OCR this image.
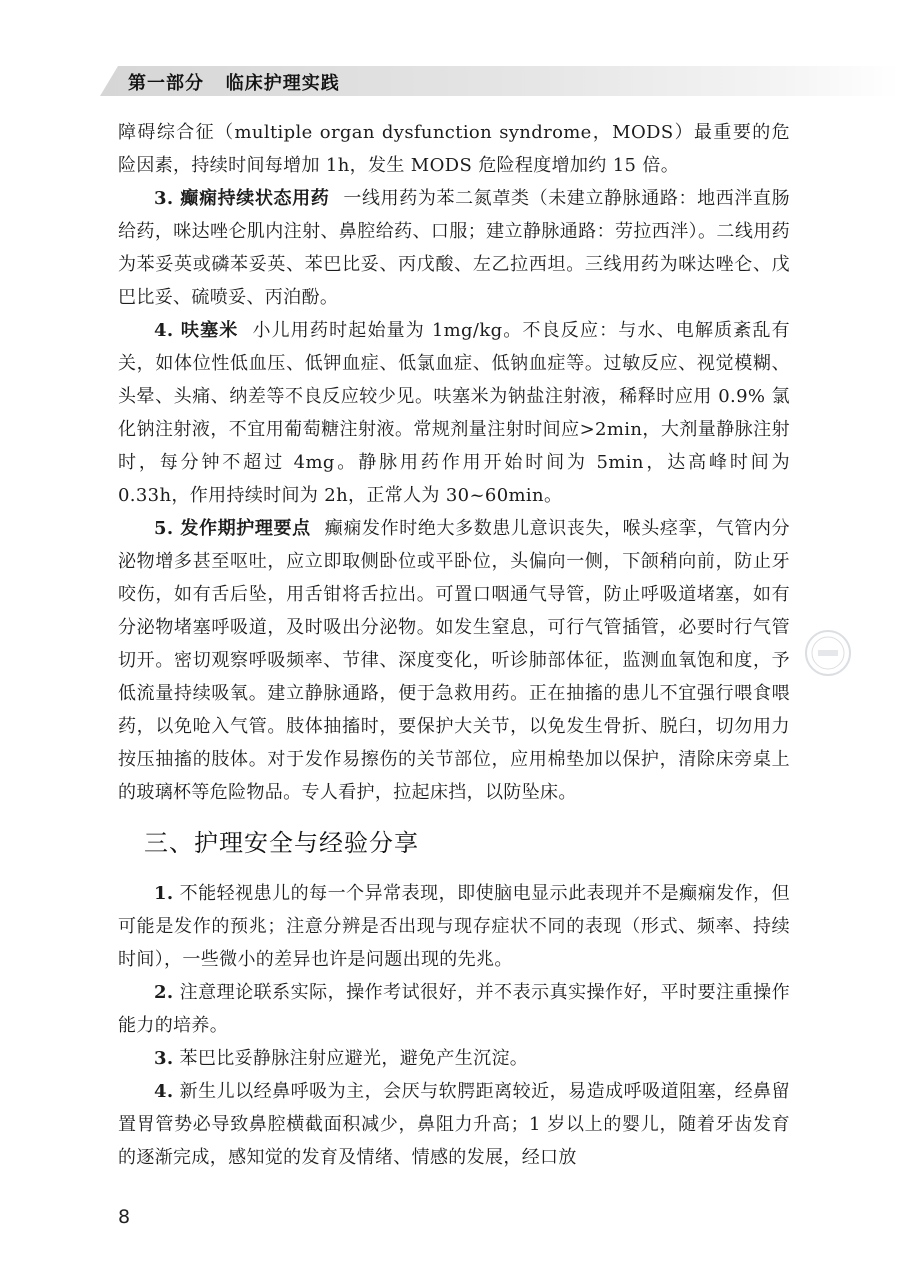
第一部分   临床护理实践

障碍综合征（multiple organ dysfunction syndrome，MODS）最重要的危险因素，持续时间每增加 1h，发生 MODS 危险程度增加约 15 倍。

3. 癫痫持续状态用药 一线用药为苯二氮䓬类（未建立静脉通路：地西泮直肠给药，咪达唑仑肌内注射、鼻腔给药、口服；建立静脉通路：劳拉西泮）。二线用药为苯妥英或磷苯妥英、苯巴比妥、丙戊酸、左乙拉西坦。三线用药为咪达唑仑、戊巴比妥、硫喷妥、丙泊酚。

4. 呋塞米 小儿用药时起始量为 1mg/kg。不良反应：与水、电解质紊乱有关，如体位性低血压、低钾血症、低氯血症、低钠血症等。过敏反应、视觉模糊、头晕、头痛、纳差等不良反应较少见。呋塞米为钠盐注射液，稀释时应用 0.9% 氯化钠注射液，不宜用葡萄糖注射液。常规剂量注射时间应>2min，大剂量静脉注射时，每分钟不超过 4mg。静脉用药作用开始时间为 5min，达高峰时间为 0.33h，作用持续时间为 2h，正常人为 30~60min。

5. 发作期护理要点 癫痫发作时绝大多数患儿意识丧失，喉头痉挛，气管内分泌物增多甚至呕吐，应立即取侧卧位或平卧位，头偏向一侧，下颌稍向前，防止牙咬伤，如有舌后坠，用舌钳将舌拉出。可置口咽通气导管，防止呼吸道堵塞，如有分泌物堵塞呼吸道，及时吸出分泌物。如发生窒息，可行气管插管，必要时行气管切开。密切观察呼吸频率、节律、深度变化，听诊肺部体征，监测血氧饱和度，予低流量持续吸氧。建立静脉通路，便于急救用药。正在抽搐的患儿不宜强行喂食喂药，以免呛入气管。肢体抽搐时，要保护大关节，以免发生骨折、脱臼，切勿用力按压抽搐的肢体。对于发作易擦伤的关节部位，应用棉垫加以保护，清除床旁桌上的玻璃杯等危险物品。专人看护，拉起床挡，以防坠床。

三、护理安全与经验分享

1. 不能轻视患儿的每一个异常表现，即使脑电显示此表现并不是癫痫发作，但可能是发作的预兆；注意分辨是否出现与现存症状不同的表现（形式、频率、持续时间），一些微小的差异也许是问题出现的先兆。

2. 注意理论联系实际，操作考试很好，并不表示真实操作好，平时要注重操作能力的培养。

3. 苯巴比妥静脉注射应避光，避免产生沉淀。

4. 新生儿以经鼻呼吸为主，会厌与软腭距离较近，易造成呼吸道阻塞，经鼻留置胃管势必导致鼻腔横截面积减少，鼻阻力升高；1 岁以上的婴儿，随着牙齿发育的逐渐完成，感知觉的发育及情绪、情感的发展，经口放

8
